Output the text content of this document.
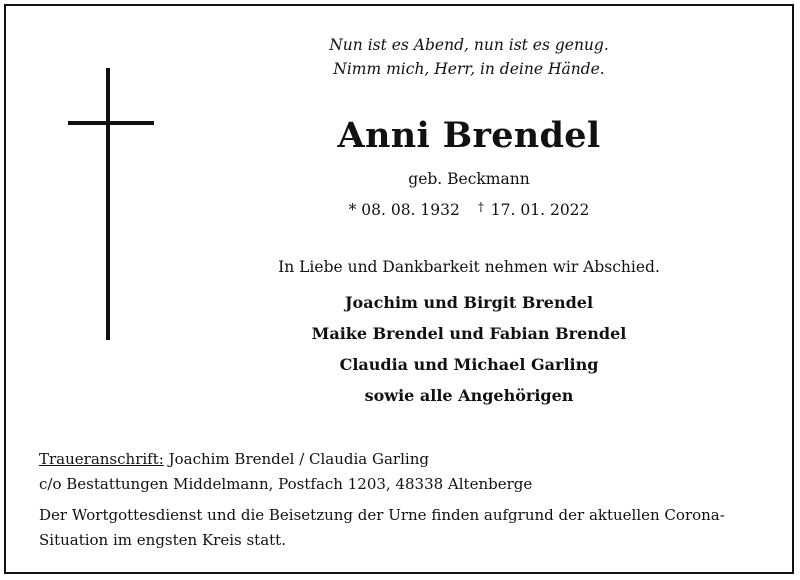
Nun ist es Abend, nun ist es genug.
Nimm mich, Herr, in deine Hände.
Anni Brendel
geb. Beckmann
* 08. 08. 1932 † 17. 01. 2022
In Liebe und Dankbarkeit nehmen wir Abschied.
Joachim und Birgit Brendel
Maike Brendel und Fabian Brendel
Claudia und Michael Garling
sowie alle Angehörigen
Traueranschrift: Joachim Brendel / Claudia Garling
c/o Bestattungen Middelmann, Postfach 1203, 48338 Altenberge
Der Wortgottesdienst und die Beisetzung der Urne finden aufgrund der aktuellen Corona-Situation im engsten Kreis statt.
